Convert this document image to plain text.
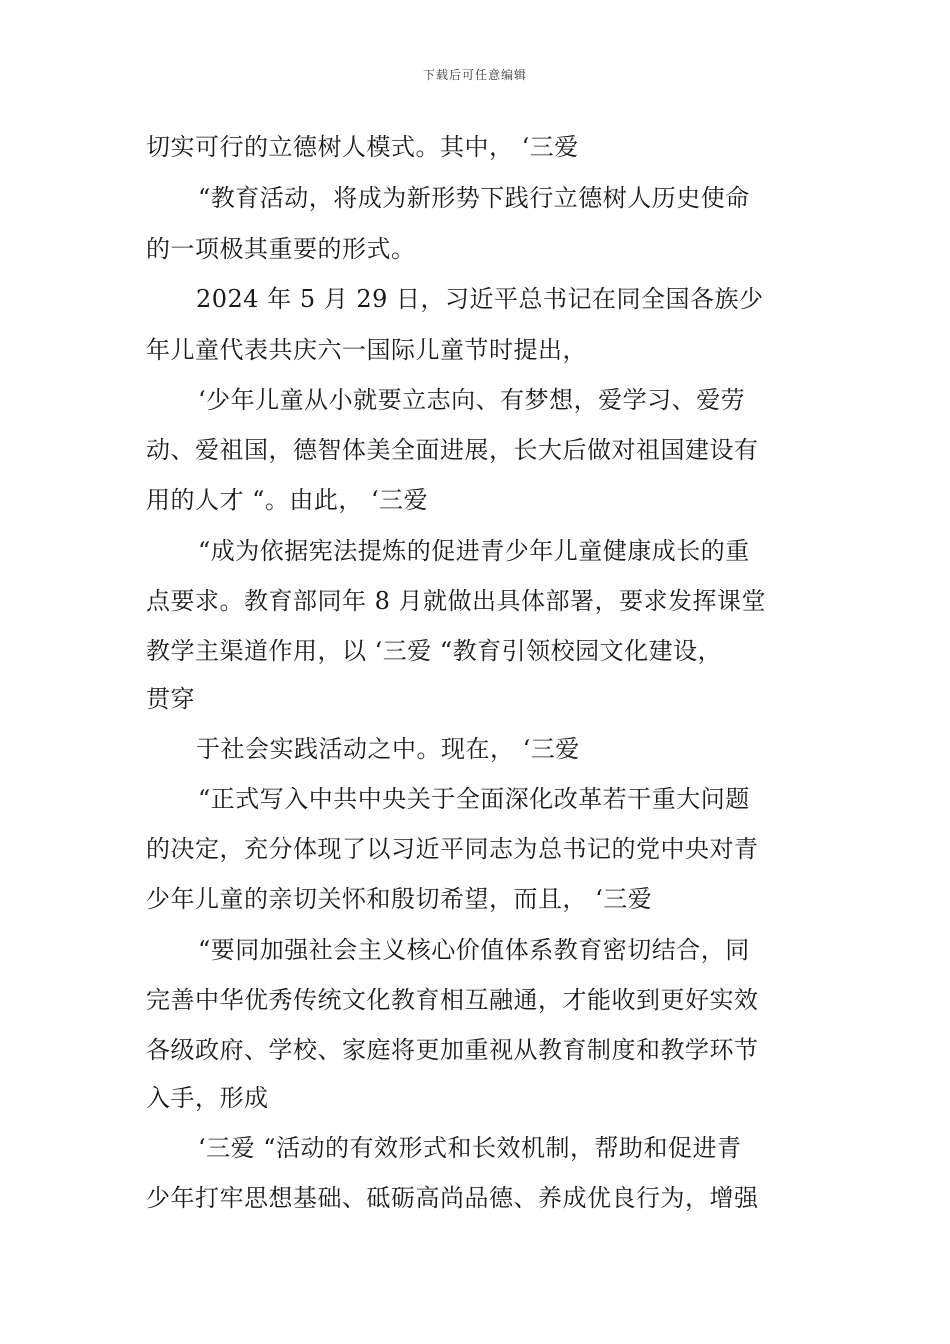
下载后可任意编辑
切实可行的立德树人模式。其中， ‘三爱
“教育活动，将成为新形势下践行立德树人历史使命
的一项极其重要的形式。
2024 年 5 月 29 日，习近平总书记在同全国各族少
年儿童代表共庆六一国际儿童节时提出，
‘少年儿童从小就要立志向、有梦想，爱学习、爱劳
动、爱祖国，德智体美全面进展，长大后做对祖国建设有
用的人才 “。由此， ‘三爱
“成为依据宪法提炼的促进青少年儿童健康成长的重
点要求。教育部同年 8 月就做出具体部署，要求发挥课堂
教学主渠道作用，以 ‘三爱 “教育引领校园文化建设，
贯穿
于社会实践活动之中。现在， ‘三爱
“正式写入中共中央关于全面深化改革若干重大问题
的决定，充分体现了以习近平同志为总书记的党中央对青
少年儿童的亲切关怀和殷切希望，而且， ‘三爱
“要同加强社会主义核心价值体系教育密切结合，同
完善中华优秀传统文化教育相互融通，才能收到更好实效
各级政府、学校、家庭将更加重视从教育制度和教学环节
入手，形成
‘三爱 “活动的有效形式和长效机制，帮助和促进青
少年打牢思想基础、砥砺高尚品德、养成优良行为，增强
